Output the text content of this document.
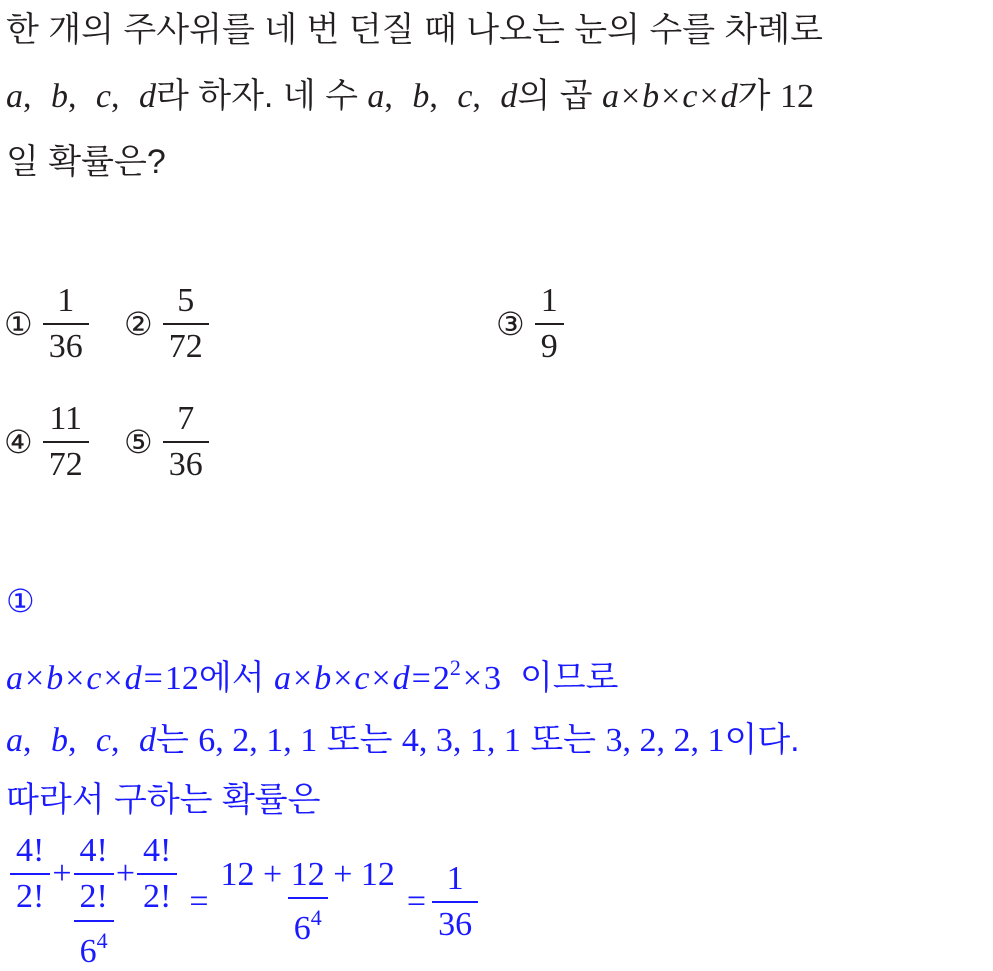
한 개의 주사위를 네 번 던질 때 나오는 눈의 수를 차례로
a, b, c, d라 하자. 네 수 a, b, c, d의 곱 a×b×c×d가 12
일 확률은?
① $\frac{1}{36}$ ② $\frac{5}{72}$	③ $\frac{1}{9}$
④ $\frac{11}{72}$ ⑤ $\frac{7}{36}$
①
a×b×c×d=12에서 $a\times b\times c\times d=2^2\times 3$ 이므로
a, b, c, d는 6, 2, 1, 1 또는 4, 3, 1, 1 또는 3, 2, 2, 1이다.
따라서 구하는 확률은
$\frac{4!}{2!} + \frac{4!}{2!} + \frac{4!}{2!}$
$6^4$
= $\frac{12 + 12 + 12}{6^4} = \frac{1}{36}$
